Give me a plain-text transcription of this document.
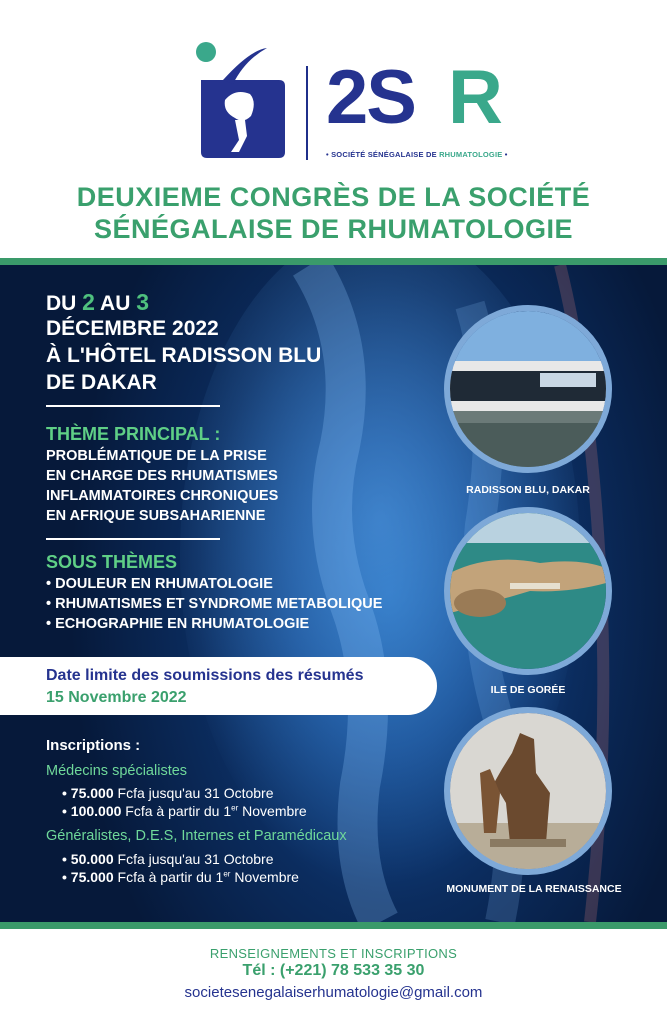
2S R
• SOCIÉTÉ SÉNÉGALAISE DE RHUMATOLOGIE •
DEUXIEME CONGRÈS DE LA SOCIÉTÉ
SÉNÉGALAISE DE RHUMATOLOGIE
DU 2 AU 3
DÉCEMBRE 2022
À L'HÔTEL RADISSON BLU
DE DAKAR
THÈME PRINCIPAL :
PROBLÉMATIQUE DE LA PRISE
EN CHARGE DES RHUMATISMES
INFLAMMATOIRES CHRONIQUES
EN AFRIQUE SUBSAHARIENNE
SOUS THÈMES
• DOULEUR EN RHUMATOLOGIE
• RHUMATISMES ET SYNDROME METABOLIQUE
• ECHOGRAPHIE EN RHUMATOLOGIE
Date limite des soumissions des résumés
15 Novembre 2022
Inscriptions :
Médecins spécialistes
• 75.000 Fcfa jusqu'au 31 Octobre
• 100.000 Fcfa à partir du 1er Novembre
Généralistes, D.E.S, Internes et Paramédicaux
• 50.000 Fcfa jusqu'au 31 Octobre
• 75.000 Fcfa à partir du 1er Novembre
RADISSON BLU, DAKAR
ILE DE GORÉE
MONUMENT DE LA RENAISSANCE
RENSEIGNEMENTS ET INSCRIPTIONS
Tél : (+221) 78 533 35 30
societesenegalaiserhumatologie@gmail.com
